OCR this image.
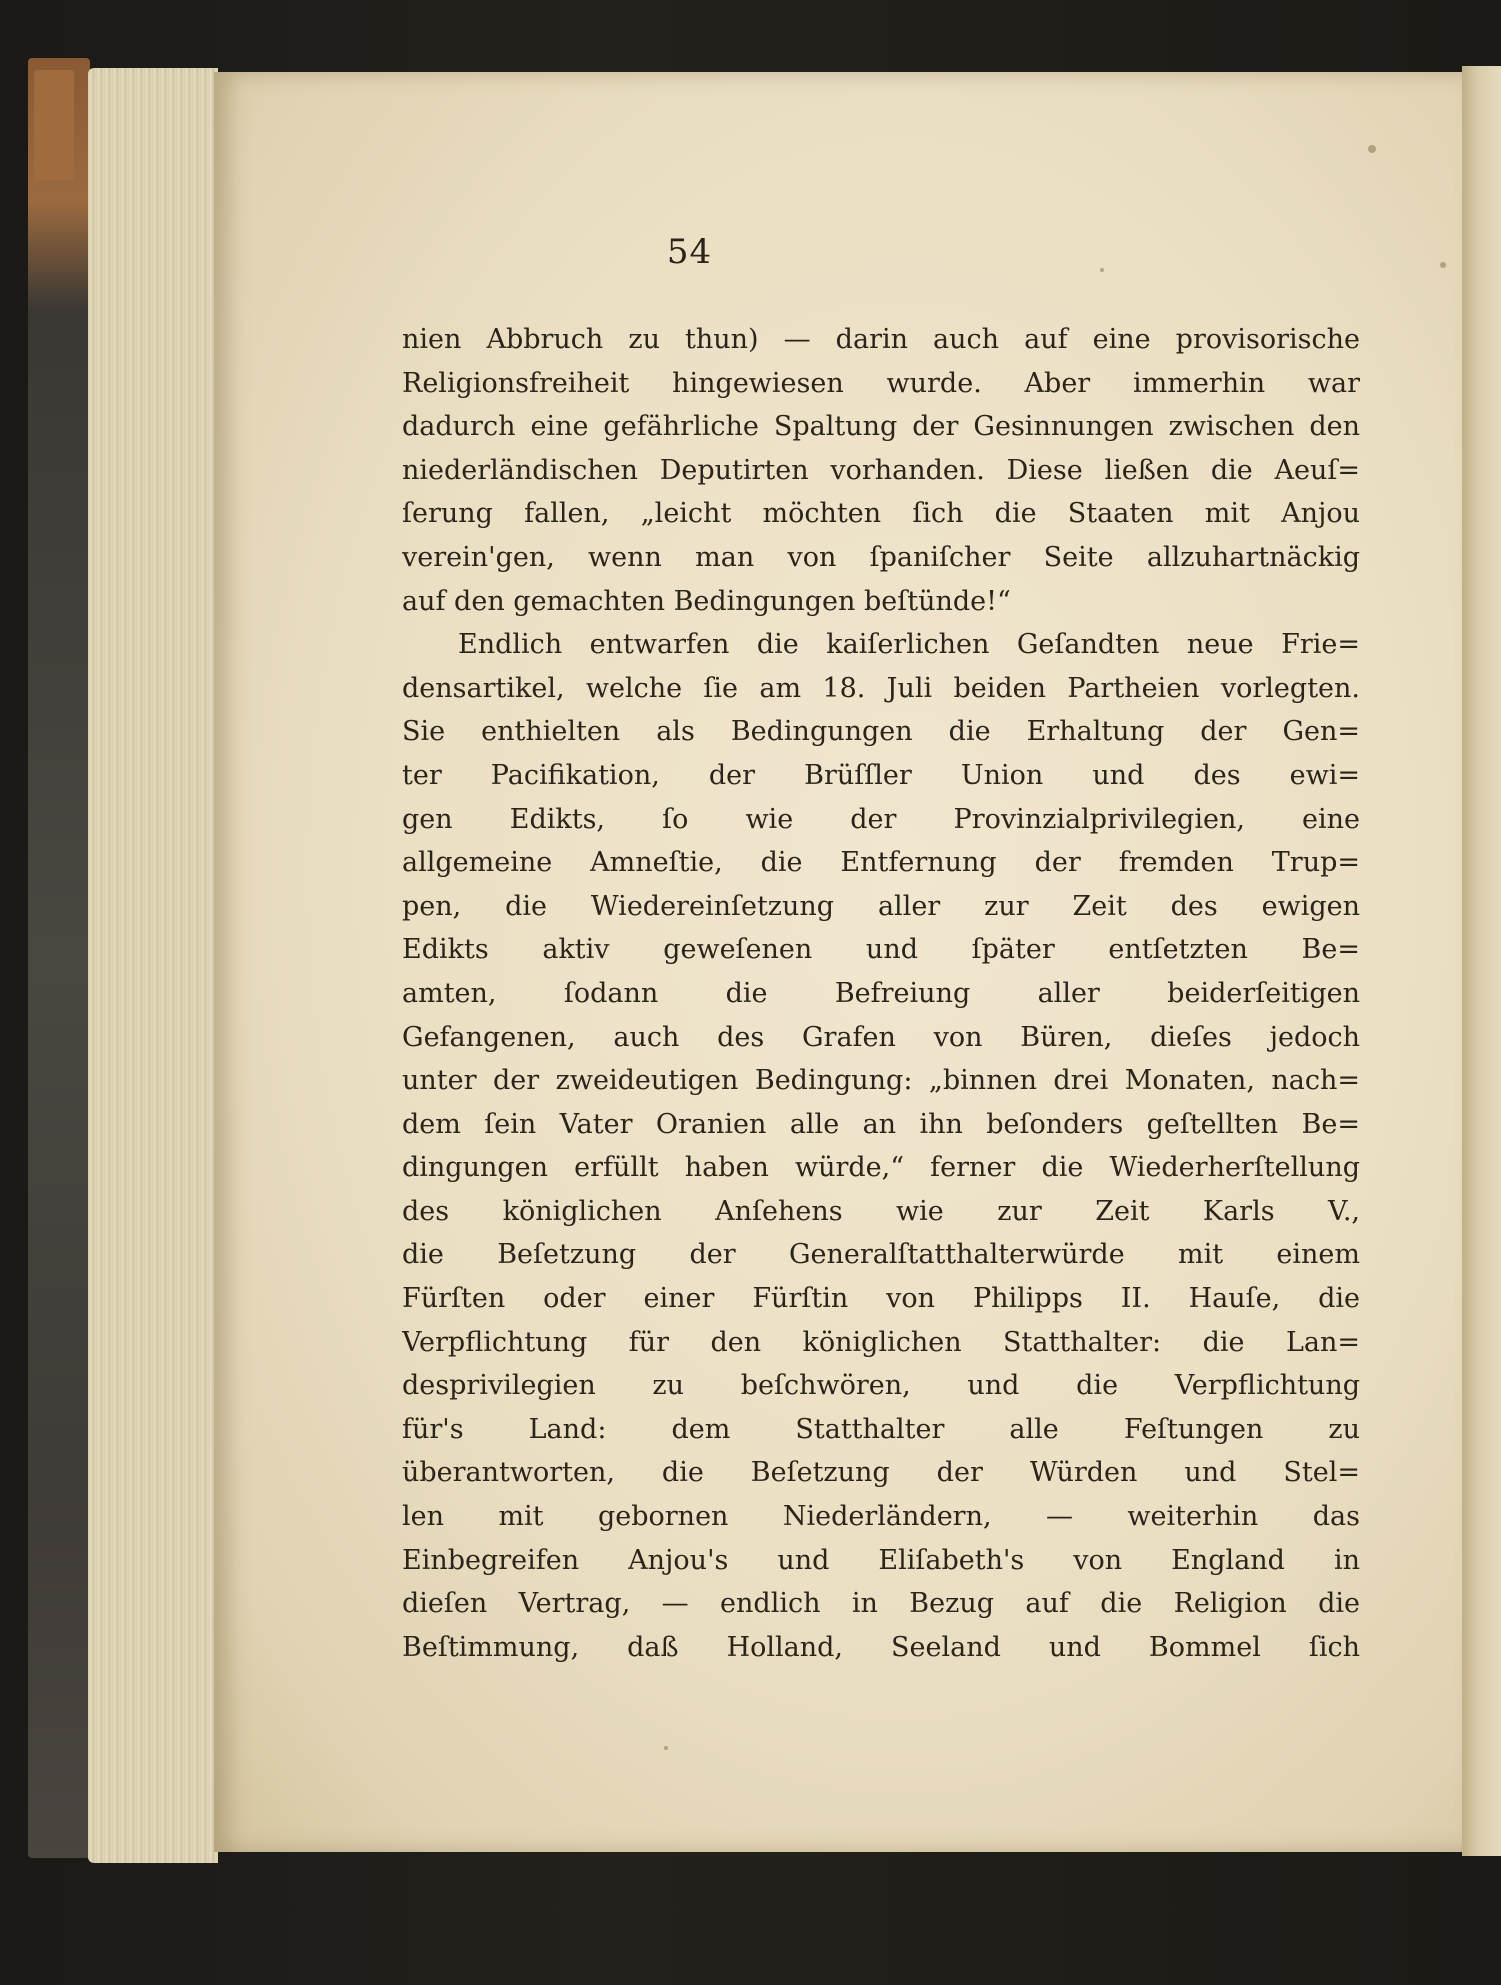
54
nien Abbruch zu thun) — darin auch auf eine provisorische
Religionsfreiheit hingewiesen wurde. Aber immerhin war
dadurch eine gefährliche Spaltung der Gesinnungen zwischen den
niederländischen Deputirten vorhanden. Diese ließen die Aeuſ=
ſerung fallen, „leicht möchten ſich die Staaten mit Anjou
verein'gen, wenn man von ſpaniſcher Seite allzuhartnäckig
auf den gemachten Bedingungen beſtünde!“
Endlich entwarfen die kaiſerlichen Geſandten neue Frie=
densartikel, welche ſie am 18. Juli beiden Partheien vorlegten.
Sie enthielten als Bedingungen die Erhaltung der Gen=
ter Pacifikation, der Brüſſler Union und des ewi=
gen Edikts, ſo wie der Provinzialprivilegien, eine
allgemeine Amneſtie, die Entfernung der fremden Trup=
pen, die Wiedereinſetzung aller zur Zeit des ewigen
Edikts aktiv geweſenen und ſpäter entſetzten Be=
amten, ſodann die Befreiung aller beiderſeitigen
Gefangenen, auch des Grafen von Büren, dieſes jedoch
unter der zweideutigen Bedingung: „binnen drei Monaten, nach=
dem ſein Vater Oranien alle an ihn beſonders geſtellten Be=
dingungen erfüllt haben würde,“ ferner die Wiederherſtellung
des königlichen Anſehens wie zur Zeit Karls V.,
die Beſetzung der Generalſtatthalterwürde mit einem
Fürſten oder einer Fürſtin von Philipps II. Hauſe, die
Verpflichtung für den königlichen Statthalter: die Lan=
desprivilegien zu beſchwören, und die Verpflichtung
für's Land: dem Statthalter alle Feſtungen zu
überantworten, die Beſetzung der Würden und Stel=
len mit gebornen Niederländern, — weiterhin das
Einbegreifen Anjou's und Eliſabeth's von England in
dieſen Vertrag, — endlich in Bezug auf die Religion die
Beſtimmung, daß Holland, Seeland und Bommel ſich
